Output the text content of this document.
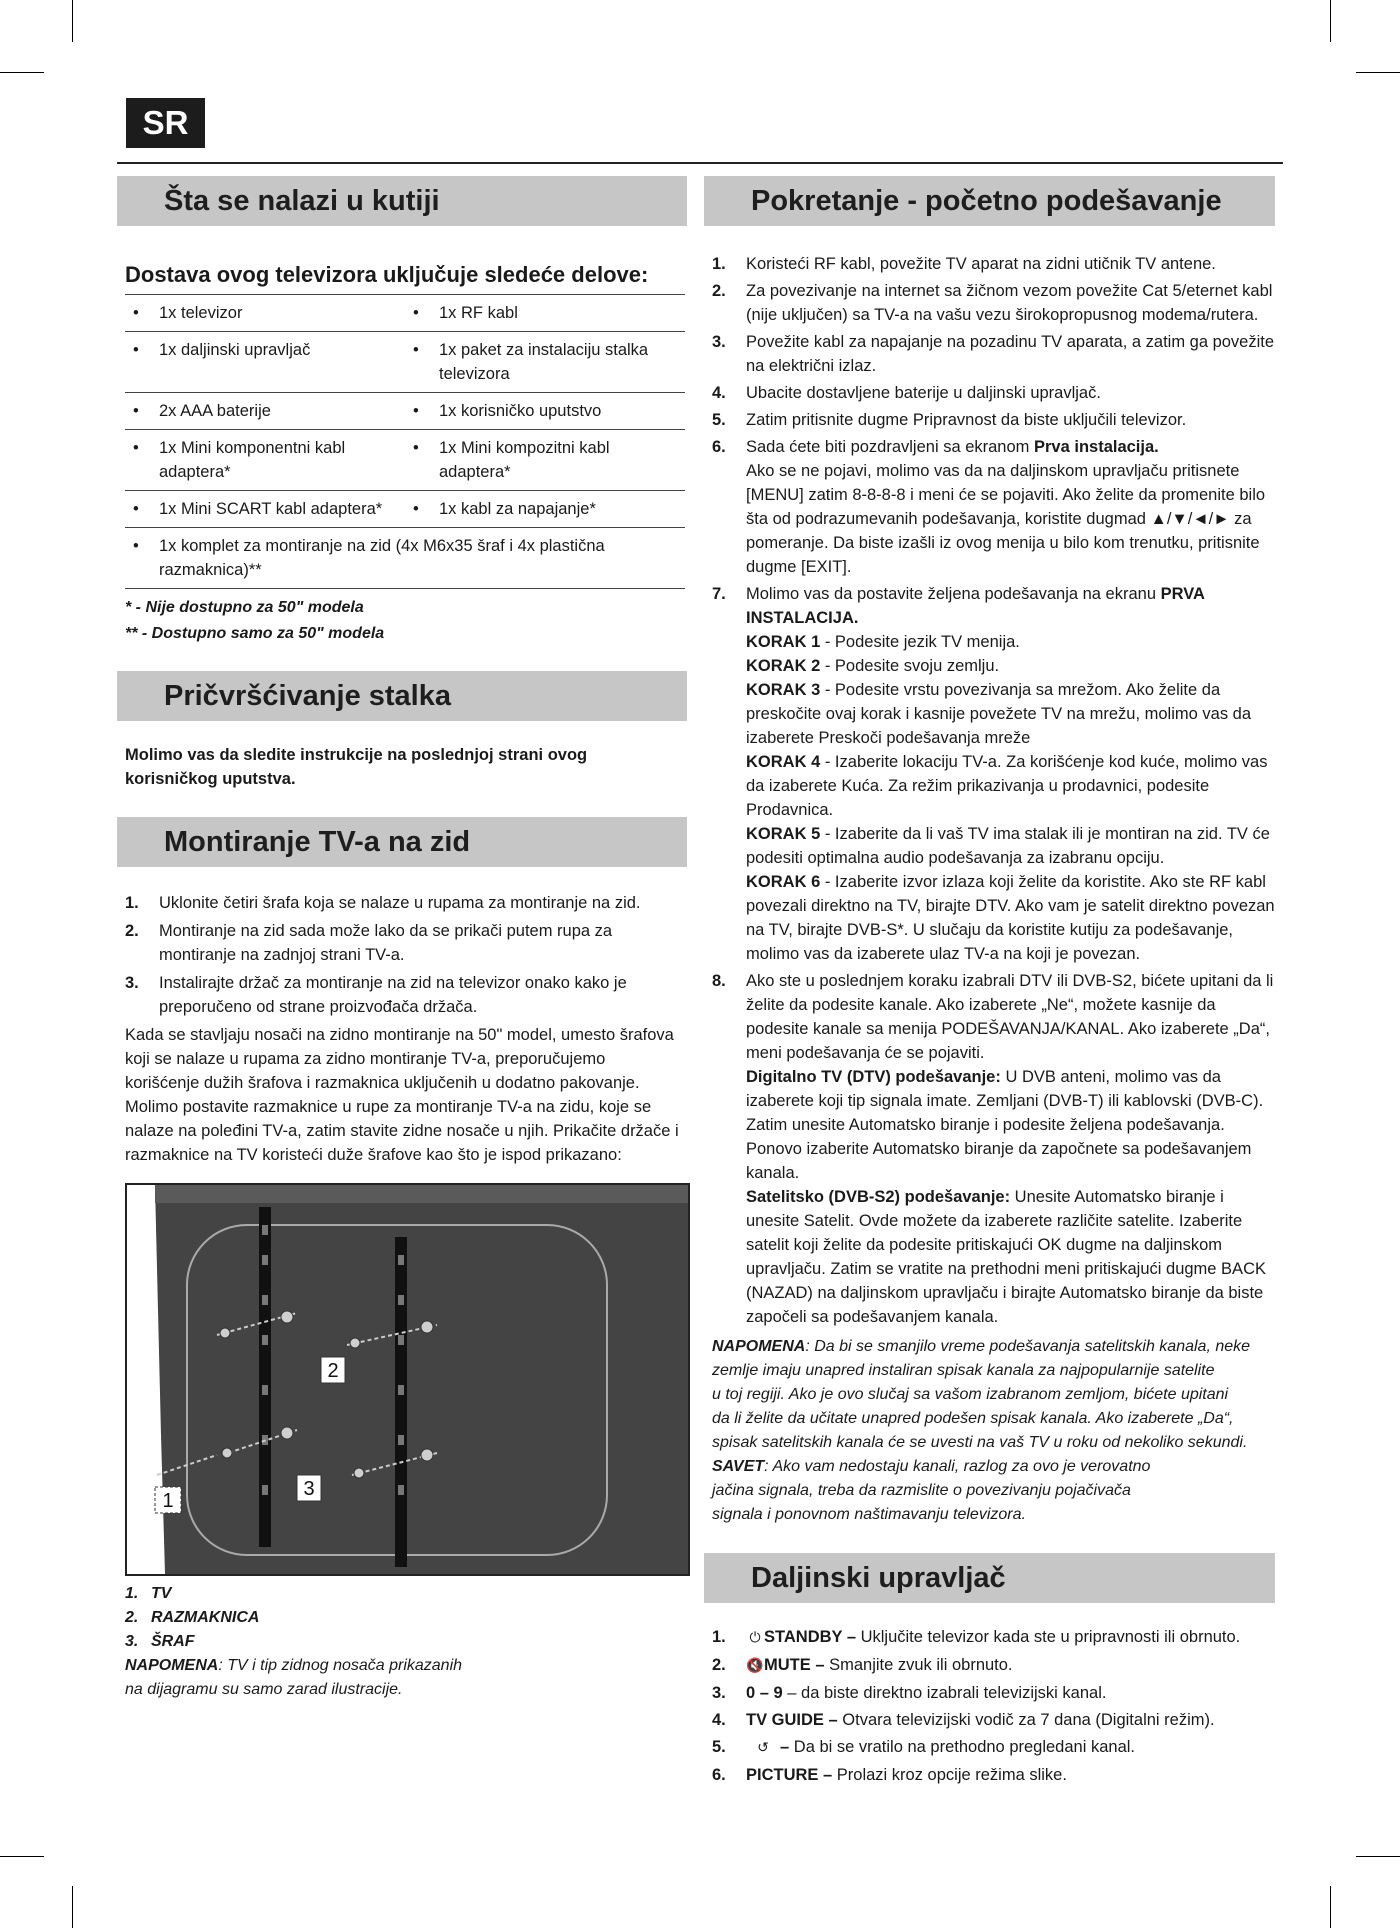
SR
Šta se nalazi u kutiji
Dostava ovog televizora uključuje sledeće delove:
• 1x televizor	• 1x RF kabl

• 1x daljinski upravljač	• 1x paket za instalaciju stalka televizora

• 2x AAA baterije	• 1x korisničko uputstvo

• 1x Mini komponentni kabl adaptera*	• 1x Mini kompozitni kabl adaptera*

• 1x Mini SCART kabl adaptera*	• 1x kabl za napajanje*

• 1x komplet za montiranje na zid (4x M6x35 šraf i 4x plastična razmaknica)**	
* - Nije dostupno za 50" modela
** - Dostupno samo za 50" modela
Pričvršćivanje stalka
Molimo vas da sledite instrukcije na poslednjoj strani ovog korisničkog uputstva.
Montiranje TV-a na zid
1.	Uklonite četiri šrafa koja se nalaze u rupama za montiranje na zid.
2.	Montiranje na zid sada može lako da se prikači putem rupa za montiranje na zadnjoj strani TV-a.
3.	Instalirajte držač za montiranje na zid na televizor onako kako je preporučeno od strane proizvođača držača.
Kada se stavljaju nosači na zidno montiranje na 50" model, umesto šrafova koji se nalaze u rupama za zidno montiranje TV-a, preporučujemo korišćenje dužih šrafova i razmaknica uključenih u dodatno pakovanje. Molimo postavite razmaknice u rupe za montiranje TV-a na zidu, koje se nalaze na poleđini TV-a, zatim stavite zidne nosače u njih. Prikačite držače i razmaknice na TV koristeći duže šrafove kao što je ispod prikazano:
2
3
1
1. TV
2. RAZMAKNICA
3. ŠRAF
NAPOMENA: TV i tip zidnog nosača prikazanih
na dijagramu su samo zarad ilustracije.
Pokretanje - početno podešavanje
1.	Koristeći RF kabl, povežite TV aparat na zidni utičnik TV antene.
2.	Za povezivanje na internet sa žičnom vezom povežite Cat 5/eternet kabl (nije uključen) sa TV-a na vašu vezu širokopropusnog modema/rutera.
3.	Povežite kabl za napajanje na pozadinu TV aparata, a zatim ga povežite na električni izlaz.
4.	Ubacite dostavljene baterije u daljinski upravljač.
5.	Zatim pritisnite dugme Pripravnost da biste uključili televizor.
6.	Sada ćete biti pozdravljeni sa ekranom Prva instalacija.
Ako se ne pojavi, molimo vas da na daljinskom upravljaču pritisnete [MENU] zatim 8-8-8-8 i meni će se pojaviti. Ako želite da promenite bilo šta od podrazumevanih podešavanja, koristite dugmad ▲/▼/◄/► za pomeranje. Da biste izašli iz ovog menija u bilo kom trenutku, pritisnite dugme [EXIT].
7.	Molimo vas da postavite željena podešavanja na ekranu PRVA INSTALACIJA.
KORAK 1 - Podesite jezik TV menija.
KORAK 2 - Podesite svoju zemlju.
KORAK 3 - Podesite vrstu povezivanja sa mrežom. Ako želite da preskočite ovaj korak i kasnije povežete TV na mrežu, molimo vas da izaberete Preskoči podešavanja mreže
KORAK 4 - Izaberite lokaciju TV-a. Za korišćenje kod kuće, molimo vas da izaberete Kuća. Za režim prikazivanja u prodavnici, podesite Prodavnica.
KORAK 5 - Izaberite da li vaš TV ima stalak ili je montiran na zid. TV će podesiti optimalna audio podešavanja za izabranu opciju.
KORAK 6 - Izaberite izvor izlaza koji želite da koristite. Ako ste RF kabl povezali direktno na TV, birajte DTV. Ako vam je satelit direktno povezan na TV, birajte DVB-S*. U slučaju da koristite kutiju za podešavanje, molimo vas da izaberete ulaz TV-a na koji je povezan.
8.	Ako ste u poslednjem koraku izabrali DTV ili DVB-S2, bićete upitani da li želite da podesite kanale. Ako izaberete „Ne“, možete kasnije da podesite kanale sa menija PODEŠAVANJA/KANAL. Ako izaberete „Da“, meni podešavanja će se pojaviti.
Digitalno TV (DTV) podešavanje: U DVB anteni, molimo vas da izaberete koji tip signala imate. Zemljani (DVB-T) ili kablovski (DVB-C). Zatim unesite Automatsko biranje i podesite željena podešavanja. Ponovo izaberite Automatsko biranje da započnete sa podešavanjem kanala.
Satelitsko (DVB-S2) podešavanje: Unesite Automatsko biranje i unesite Satelit. Ovde možete da izaberete različite satelite. Izaberite satelit koji želite da podesite pritiskajući OK dugme na daljinskom upravljaču. Zatim se vratite na prethodni meni pritiskajući dugme BACK (NAZAD) na daljinskom upravljaču i birajte Automatsko biranje da biste započeli sa podešavanjem kanala.
NAPOMENA: Da bi se smanjilo vreme podešavanja satelitskih kanala, neke
zemlje imaju unapred instaliran spisak kanala za najpopularnije satelite
u toj regiji. Ako je ovo slučaj sa vašom izabranom zemljom, bićete upitani
da li želite da učitate unapred podešen spisak kanala. Ako izaberete „Da“,
spisak satelitskih kanala će se uvesti na vaš TV u roku od nekoliko sekundi.
SAVET: Ako vam nedostaju kanali, razlog za ovo je verovatno
jačina signala, treba da razmislite o povezivanju pojačivača
signala i ponovnom naštimavanju televizora.
Daljinski upravljač
1.	⏻ STANDBY – Uključite televizor kada ste u pripravnosti ili obrnuto.
2.	🔇MUTE – Smanjite zvuk ili obrnuto.
3.	0 – 9 – da biste direktno izabrali televizijski kanal.
4.	TV GUIDE – Otvara televizijski vodič za 7 dana (Digitalni režim).
5.	↺ – Da bi se vratilo na prethodno pregledani kanal.
6.	PICTURE – Prolazi kroz opcije režima slike.
